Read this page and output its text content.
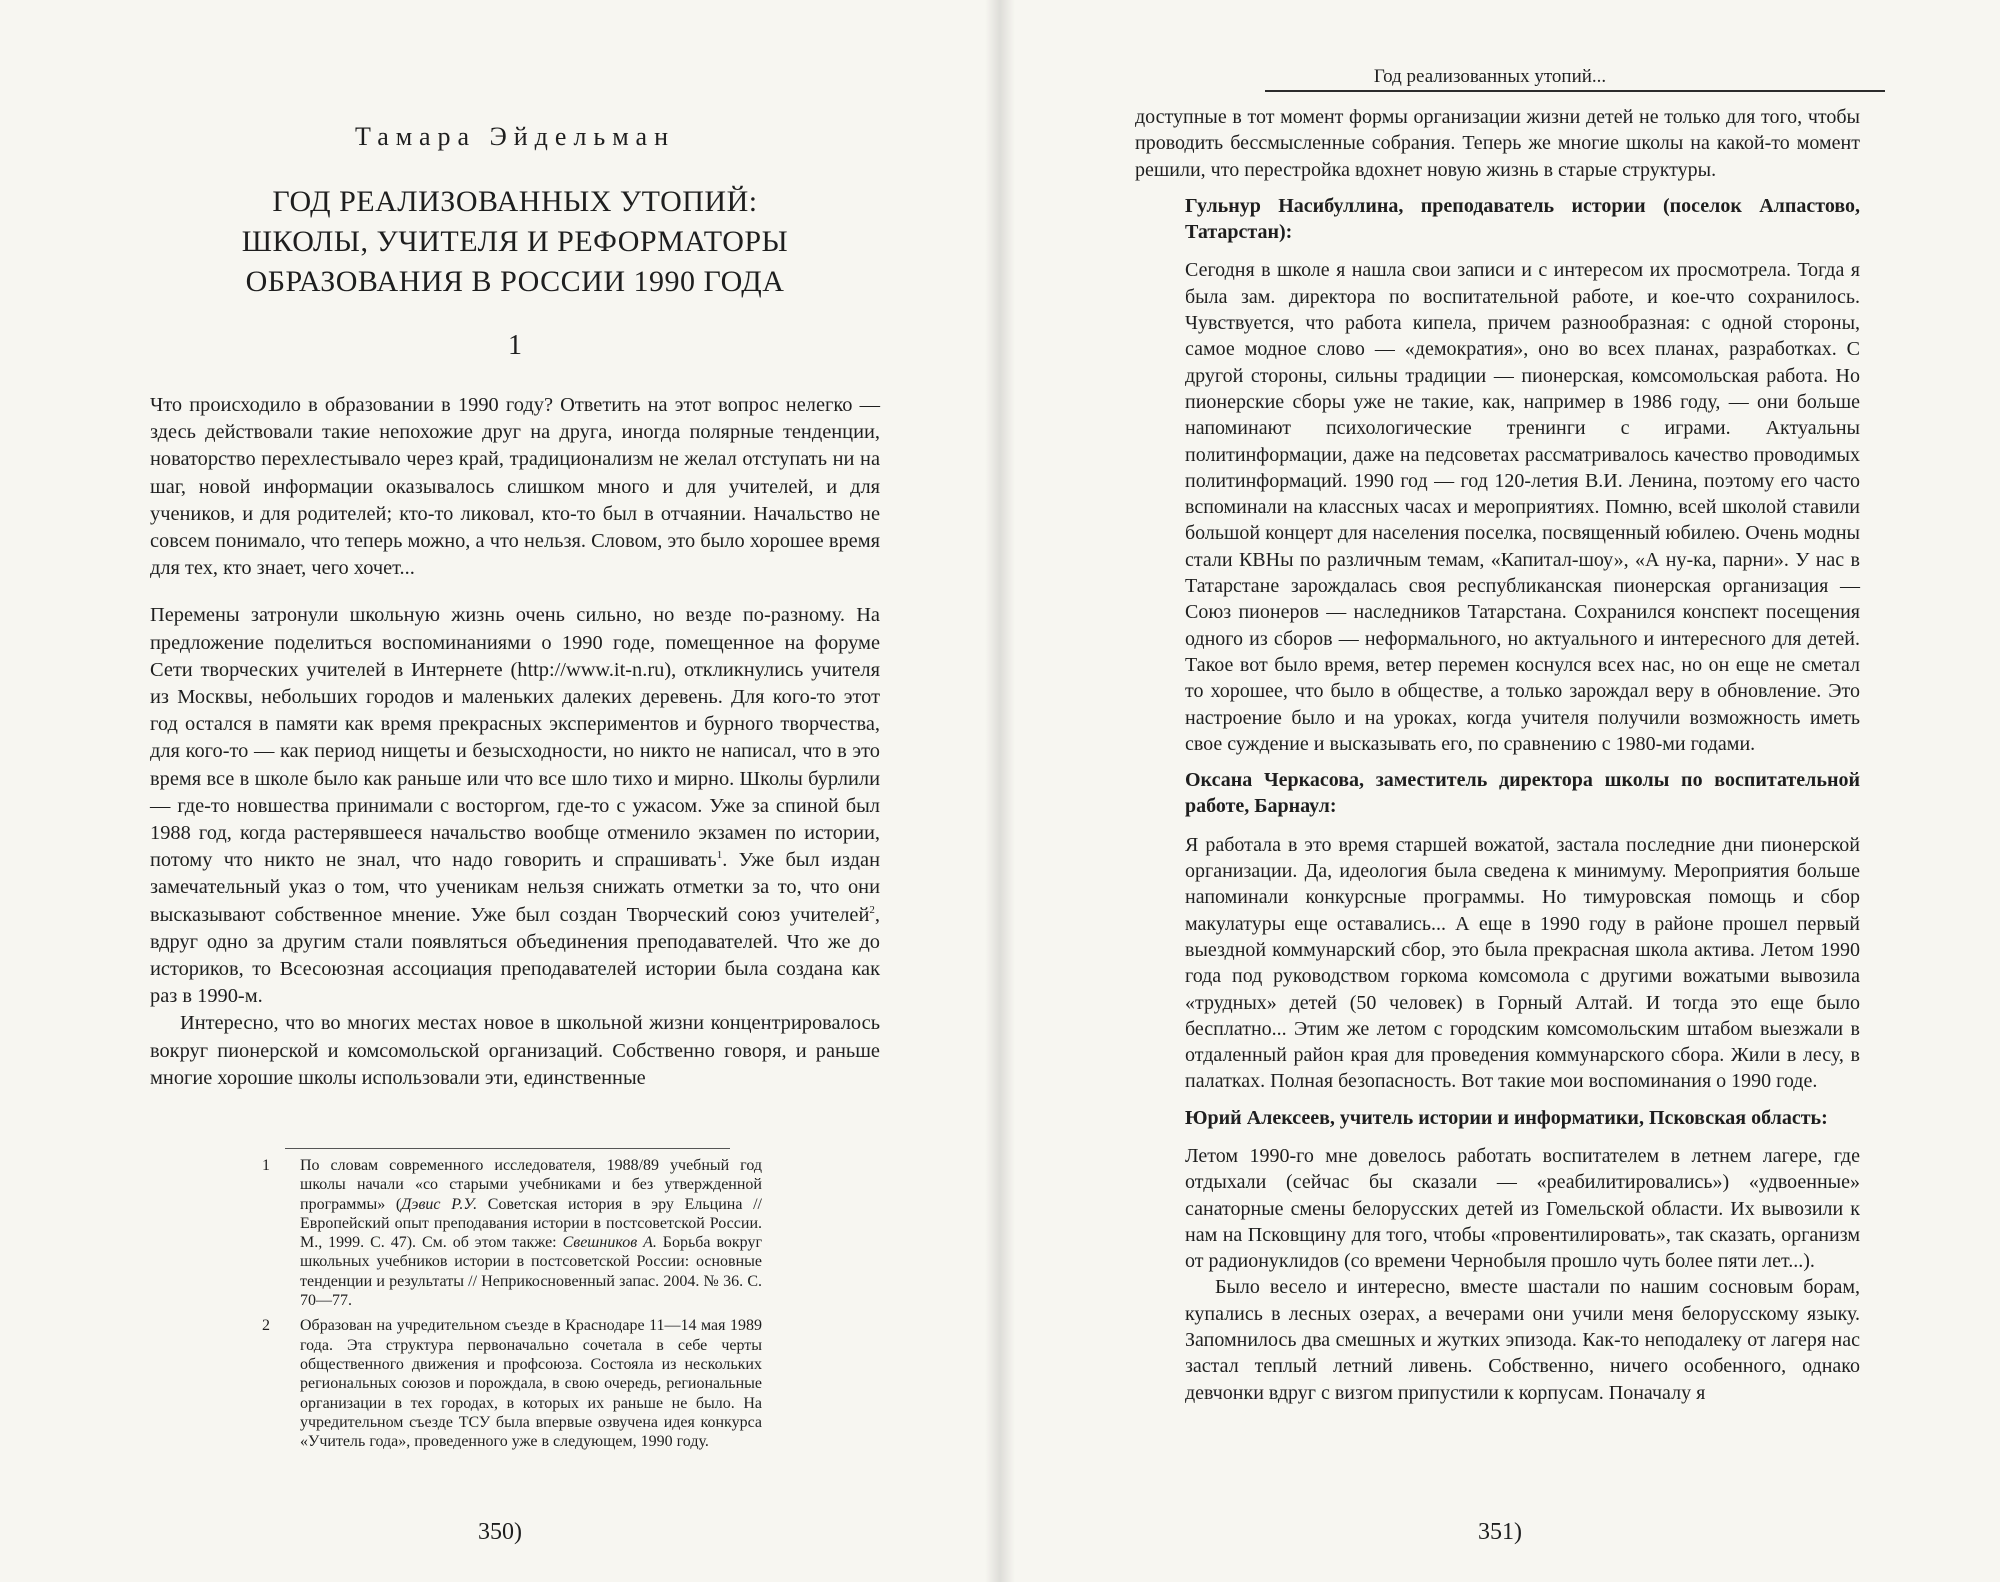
Тамара Эйдельман
ГОД РЕАЛИЗОВАННЫХ УТОПИЙ:
ШКОЛЫ, УЧИТЕЛЯ И РЕФОРМАТОРЫ
ОБРАЗОВАНИЯ В РОССИИ 1990 ГОДА
1

Что происходило в образовании в 1990 году? Ответить на этот вопрос нелегко — здесь действовали такие непохожие друг на друга, иногда полярные тенденции, новаторство перехлестывало через край, традиционализм не желал отступать ни на шаг, новой информации оказывалось слишком много и для учителей, и для учеников, и для родителей; кто-то ликовал, кто-то был в отчаянии. Начальство не совсем понимало, что теперь можно, а что нельзя. Словом, это было хорошее время для тех, кто знает, чего хочет...

Перемены затронули школьную жизнь очень сильно, но везде по-разному. На предложение поделиться воспоминаниями о 1990 годе, помещенное на форуме Сети творческих учителей в Интернете (http://www.it-n.ru), откликнулись учителя из Москвы, небольших городов и маленьких далеких деревень. Для кого-то этот год остался в памяти как время прекрасных экспериментов и бурного творчества, для кого-то — как период нищеты и безысходности, но никто не написал, что в это время все в школе было как раньше или что все шло тихо и мирно. Школы бурлили — где-то новшества принимали с восторгом, где-то с ужасом. Уже за спиной был 1988 год, когда растерявшееся начальство вообще отменило экзамен по истории, потому что никто не знал, что надо говорить и спрашивать$^1$. Уже был издан замечательный указ о том, что ученикам нельзя снижать отметки за то, что они высказывают собственное мнение. Уже был создан Творческий союз учителей$^2$, вдруг одно за другим стали появляться объединения преподавателей. Что же до историков, то Всесоюзная ассоциация преподавателей истории была создана как раз в 1990-м.

Интересно, что во многих местах новое в школьной жизни концентрировалось вокруг пионерской и комсомольской организаций. Собственно говоря, и раньше многие хорошие школы использовали эти, единственные

1 По словам современного исследователя, 1988/89 учебный год школы начали «со старыми учебниками и без утвержденной программы» (Дэвис Р.У. Советская история в эру Ельцина // Европейский опыт преподавания истории в постсоветской России. М., 1999. С. 47). См. об этом также: Свешников А. Борьба вокруг школьных учебников истории в постсоветской России: основные тенденции и результаты // Неприкосновенный запас. 2004. № 36. С. 70—77.
2 Образован на учредительном съезде в Краснодаре 11—14 мая 1989 года. Эта структура первоначально сочетала в себе черты общественного движения и профсоюза. Состояла из нескольких региональных союзов и порождала, в свою очередь, региональные организации в тех городах, в которых их раньше не было. На учредительном съезде ТСУ была впервые озвучена идея конкурса «Учитель года», проведенного уже в следующем, 1990 году.
350)	351)
Год реализованных утопий...

доступные в тот момент формы организации жизни детей не только для того, чтобы проводить бессмысленные собрания. Теперь же многие школы на какой-то момент решили, что перестройка вдохнет новую жизнь в старые структуры.

Гульнур Насибуллина, преподаватель истории (поселок Алпастово, Татарстан):

Сегодня в школе я нашла свои записи и с интересом их просмотрела. Тогда я была зам. директора по воспитательной работе, и кое-что сохранилось. Чувствуется, что работа кипела, причем разнообразная: с одной стороны, самое модное слово — «демократия», оно во всех планах, разработках. С другой стороны, сильны традиции — пионерская, комсомольская работа. Но пионерские сборы уже не такие, как, например в 1986 году, — они больше напоминают психологические тренинги с играми. Актуальны политинформации, даже на педсоветах рассматривалось качество проводимых политинформаций. 1990 год — год 120-летия В.И. Ленина, поэтому его часто вспоминали на классных часах и мероприятиях. Помню, всей школой ставили большой концерт для населения поселка, посвященный юбилею. Очень модны стали КВНы по различным темам, «Капитал-шоу», «А ну-ка, парни». У нас в Татарстане зарождалась своя республиканская пионерская организация — Союз пионеров — наследников Татарстана. Сохранился конспект посещения одного из сборов — неформального, но актуального и интересного для детей. Такое вот было время, ветер перемен коснулся всех нас, но он еще не сметал то хорошее, что было в обществе, а только зарождал веру в обновление. Это настроение было и на уроках, когда учителя получили возможность иметь свое суждение и высказывать его, по сравнению с 1980-ми годами.

Оксана Черкасова, заместитель директора школы по воспитательной работе, Барнаул:

Я работала в это время старшей вожатой, застала последние дни пионерской организации. Да, идеология была сведена к минимуму. Мероприятия больше напоминали конкурсные программы. Но тимуровская помощь и сбор макулатуры еще оставались... А еще в 1990 году в районе прошел первый выездной коммунарский сбор, это была прекрасная школа актива. Летом 1990 года под руководством горкома комсомола с другими вожатыми вывозила «трудных» детей (50 человек) в Горный Алтай. И тогда это еще было бесплатно... Этим же летом с городским комсомольским штабом выезжали в отдаленный район края для проведения коммунарского сбора. Жили в лесу, в палатках. Полная безопасность. Вот такие мои воспоминания о 1990 годе.

Юрий Алексеев, учитель истории и информатики, Псковская область:

Летом 1990-го мне довелось работать воспитателем в летнем лагере, где отдыхали (сейчас бы сказали — «реабилитировались») «удвоенные» санаторные смены белорусских детей из Гомельской области. Их вывозили к нам на Псковщину для того, чтобы «провентилировать», так сказать, организм от радионуклидов (со времени Чернобыля прошло чуть более пяти лет...).

Было весело и интересно, вместе шастали по нашим сосновым борам, купались в лесных озерах, а вечерами они учили меня белорусскому языку. Запомнилось два смешных и жутких эпизода. Как-то неподалеку от лагеря нас застал теплый летний ливень. Собственно, ничего особенного, однако девчонки вдруг с визгом припустили к корпусам. Поначалу я
